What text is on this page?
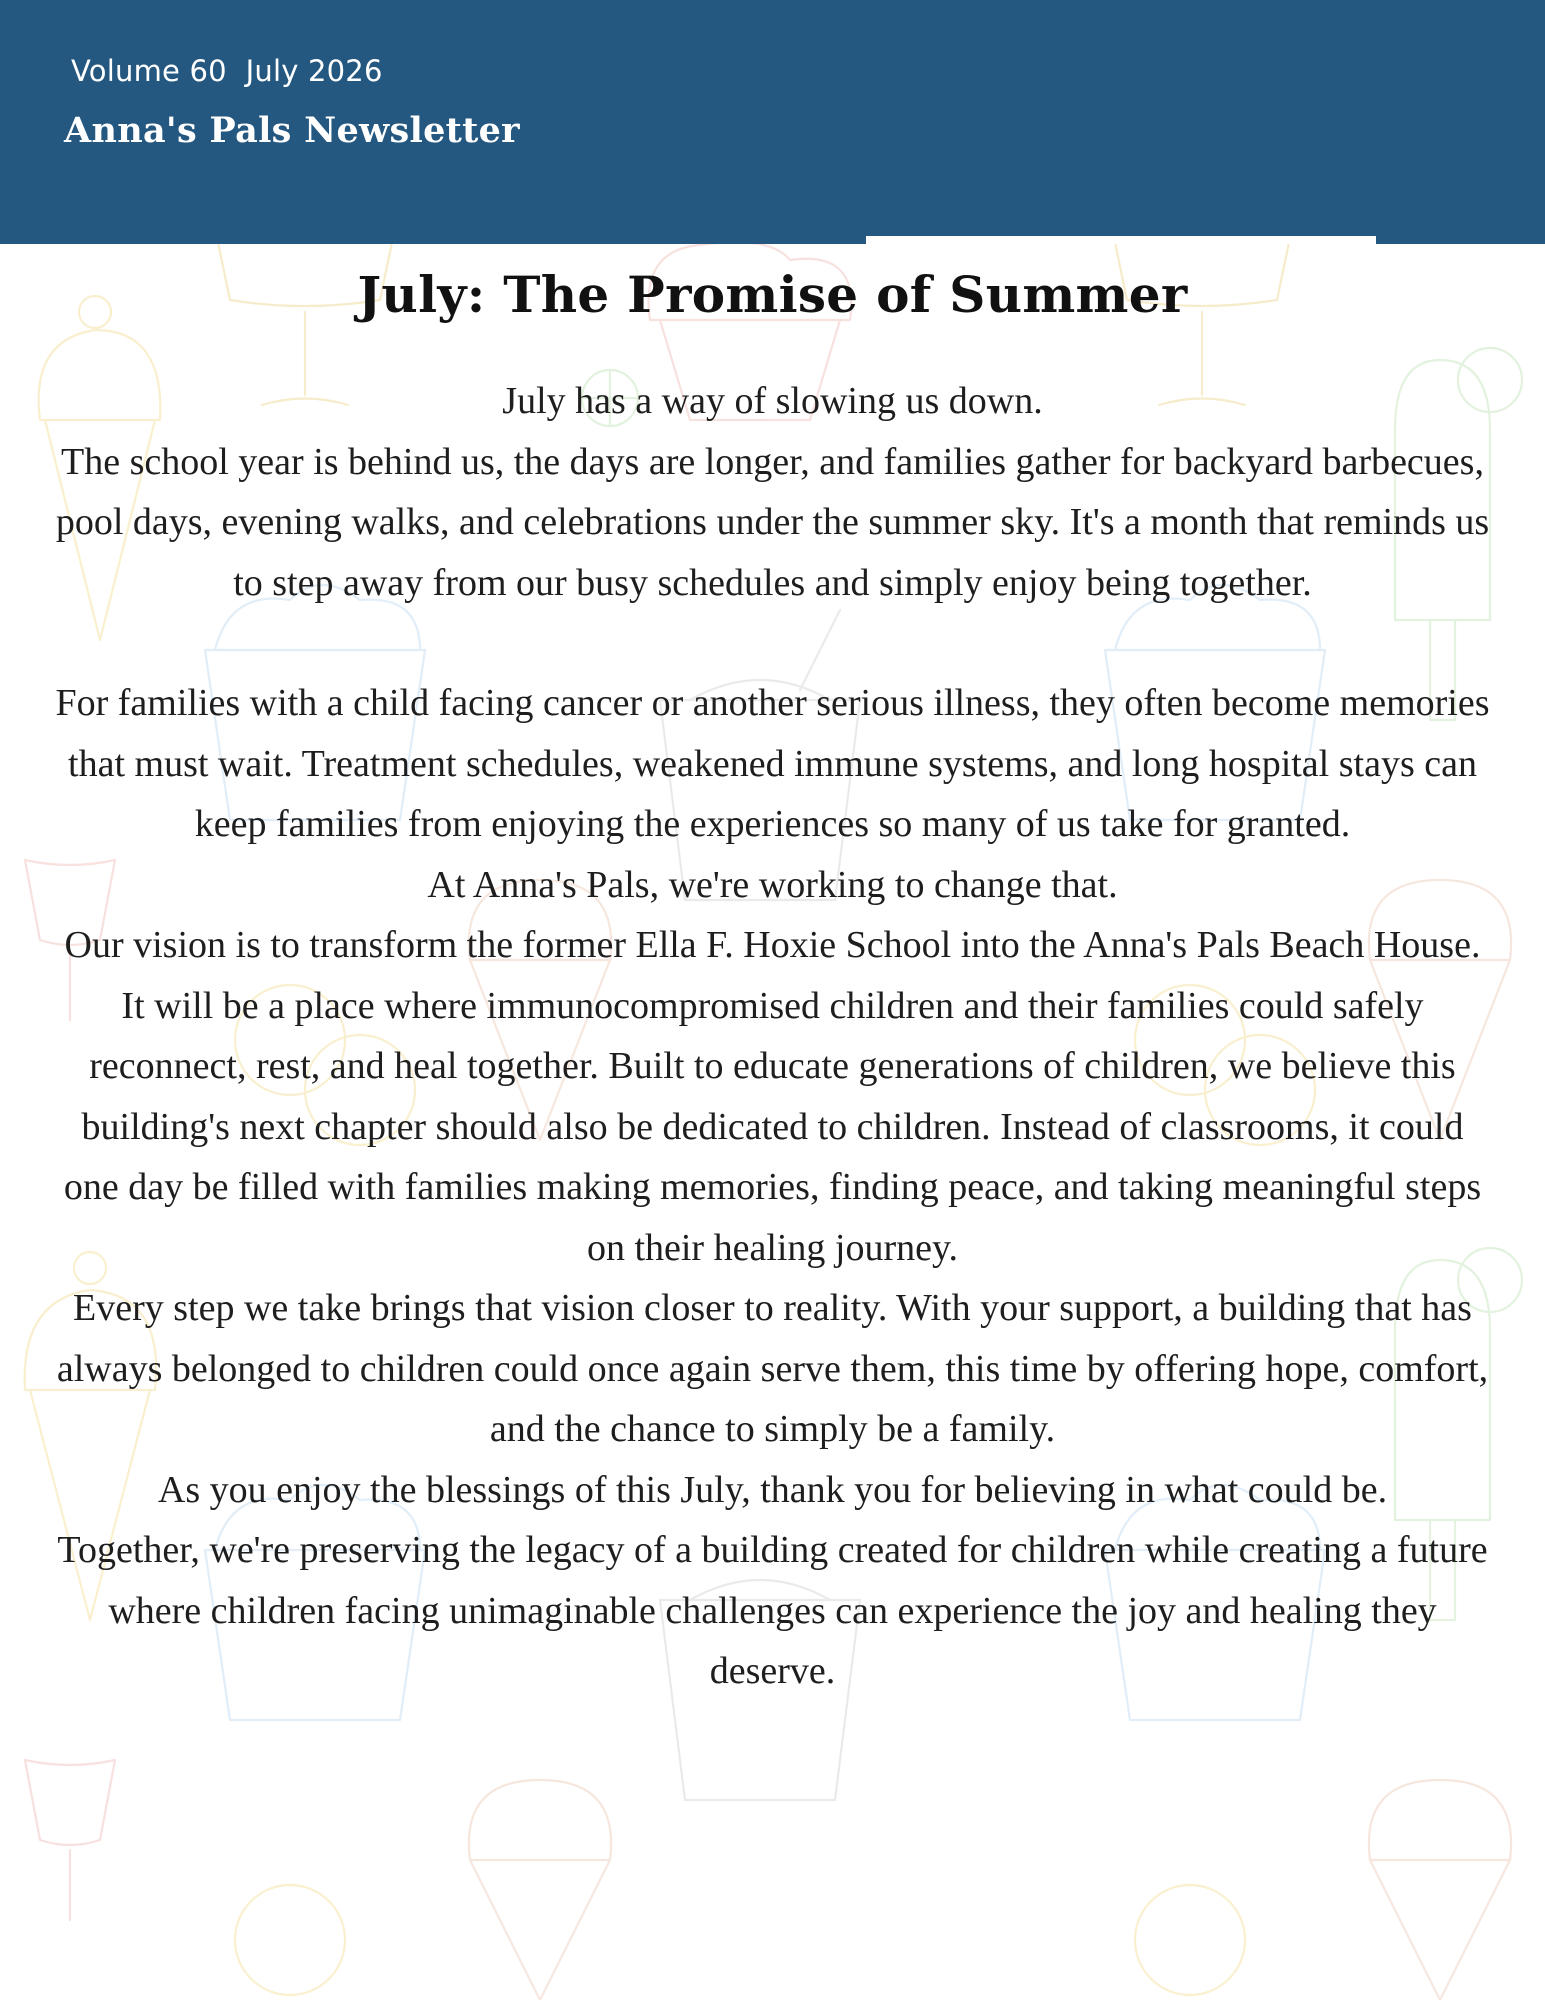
Volume 60 July 2026
Anna's Pals Newsletter
July: The Promise of Summer

July has a way of slowing us down.

The school year is behind us, the days are longer, and families gather for backyard barbecues, pool days, evening walks, and celebrations under the summer sky. It's a month that reminds us to step away from our busy schedules and simply enjoy being together.

For families with a child facing cancer or another serious illness, they often become memories that must wait. Treatment schedules, weakened immune systems, and long hospital stays can keep families from enjoying the experiences so many of us take for granted.

At Anna's Pals, we're working to change that.

Our vision is to transform the former Ella F. Hoxie School into the Anna's Pals Beach House. It will be a place where immunocompromised children and their families could safely reconnect, rest, and heal together. Built to educate generations of children, we believe this building's next chapter should also be dedicated to children. Instead of classrooms, it could one day be filled with families making memories, finding peace, and taking meaningful steps on their healing journey.

Every step we take brings that vision closer to reality. With your support, a building that has always belonged to children could once again serve them, this time by offering hope, comfort, and the chance to simply be a family.

As you enjoy the blessings of this July, thank you for believing in what could be.

Together, we're preserving the legacy of a building created for children while creating a future where children facing unimaginable challenges can experience the joy and healing they deserve.
